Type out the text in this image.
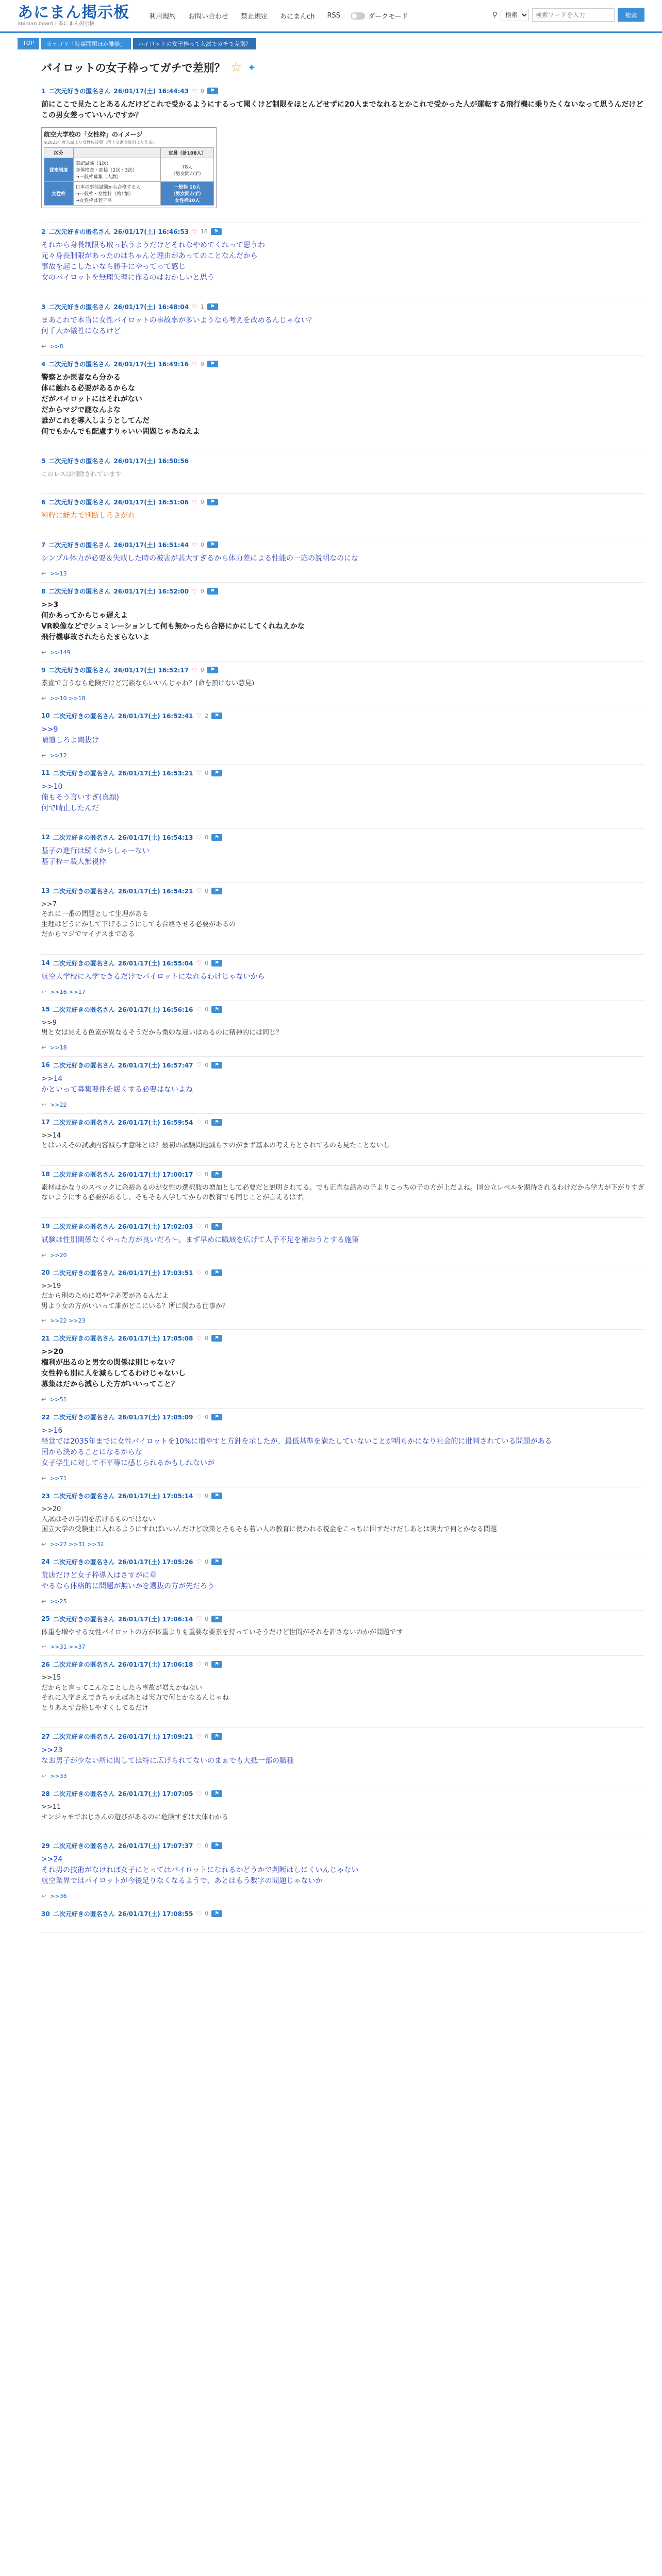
あにまん掲示板
animan board | あにまん掲示板
利用規約 お問い合わせ 禁止規定 あにまんch RSS	ダークモード	⚲
検索
検索ワードを入力	検索
TOP	カテゴリ「時事問題ほか雑談」	パイロットの女子枠って入試でガチで差別？
パイロットの女子枠ってガチで差別？ ☆ ✦
1 二次元好きの匿名さん 26/01/17(土) 16:44:43 ♡ 0	⚑
前にここで見たことあるんだけどこれで受かるようにするって聞くけど制限をほとんどせずに20人までなれるとかこれで受かった人が運転する飛行機に乗りたくないなって思うんだけどこの男女差っていいんですか？
航空大学校の「女性枠」のイメージ
※2023年度入試より女性枠設置（国土交通省資料より作成）
区分		定員（計108人）
従来制度	筆記試験（1次）
身体検査・面接（2次・3次）
→一般枠募集（人数）	78人
（男女問わず）
女性枠	日本の事前試験から合格する人
→一般枠・女性枠（約1割）
→女性枠は若干名	一般枠 10人
（男女問わず）
女性枠20人
2 二次元好きの匿名さん 26/01/17(土) 16:46:53 ♡ 18	⚑
それから身長制限も取っ払うようだけどそれなやめてくれって思うわ
元々身長制限があったのはちゃんと理由があってのことなんだから
事故を起こしたいなら勝手にやってって感じ
女のパイロットを無理矢理に作るのはおかしいと思う
3 二次元好きの匿名さん 26/01/17(土) 16:48:04 ♡ 1	⚑
まあこれで本当に女性パイロットの事故率が多いようなら考えを改めるんじゃない？
何千人か犠牲になるけど
↩ >>8
4 二次元好きの匿名さん 26/01/17(土) 16:49:16 ♡ 0	⚑
警察とか医者なら分かる
体に触れる必要があるからな
だがパイロットにはそれがない
だからマジで謎なんよな
誰がこれを導入しようとしてんだ
何でもかんでも配慮すりゃいい問題じゃあねえよ
5 二次元好きの匿名さん 26/01/17(土) 16:50:56
このレスは削除されています
6 二次元好きの匿名さん 26/01/17(土) 16:51:06 ♡ 0	⚑
純粋に能力で判断しろさがれ
7 二次元好きの匿名さん 26/01/17(土) 16:51:44 ♡ 0	⚑
シンプル体力が必要＆失敗した時の被害が甚大すぎるから体力差による性能の一応の説明なのにな
↩ >>13
8 二次元好きの匿名さん 26/01/17(土) 16:52:00 ♡ 0	⚑
>>3
何かあってからじゃ遅えよ
VR映像などでシュミレーションして何も無かったら合格にかにしてくれねえかな
飛行機事故されたらたまらないよ
↩ >>149
9 二次元好きの匿名さん 26/01/17(土) 16:52:17 ♡ 0	⚑
素直で言うなら危険だけど冗談ならいいんじゃね？(命を預けない意見)
↩ >>10 >>18
10 二次元好きの匿名さん 26/01/17(土) 16:52:41 ♡ 2	⚑
>>9
晴道しろよ間抜け
↩ >>12
11 二次元好きの匿名さん 26/01/17(土) 16:53:21 ♡ 0	⚑
>>10
俺もそう言いすぎ(真顔)
何で晴止したんだ
12 二次元好きの匿名さん 26/01/17(土) 16:54:13 ♡ 0	⚑
基子の進行は続くからしゃーない
基子枠＝殺人無視枠
13 二次元好きの匿名さん 26/01/17(土) 16:54:21 ♡ 0	⚑
>>7
それに一番の問題として生理がある
生理はどうにかして下げるようにしても合格させる必要があるの
だからマジでマイナスまである
14 二次元好きの匿名さん 26/01/17(土) 16:55:04 ♡ 0	⚑
航空大学校に入学できるだけでパイロットになれるわけじゃないから
↩ >>16 >>17
15 二次元好きの匿名さん 26/01/17(土) 16:56:16 ♡ 0	⚑
>>9
男と女は見える色素が異なるそうだから微妙な違いはあるのに精神的には同じ？
↩ >>18
16 二次元好きの匿名さん 26/01/17(土) 16:57:47 ♡ 0	⚑
>>14
かといって募集要件を緩くする必要はないよね
↩ >>22
17 二次元好きの匿名さん 26/01/17(土) 16:59:54 ♡ 0	⚑
>>14
とはいえその試験内容減らす意味とは？最初の試験問題減らすのがまず基本の考え方とされてるのも見たことないし
18 二次元好きの匿名さん 26/01/17(土) 17:00:17 ♡ 0	⚑
素材はかなりのスペックに余裕あるのが女性の選択肢の増加として必要だと説明されてる。でも正直な話あの子よりこっちの子の方が上だよね。国公立レベルを期待されるわけだから学力が下がりすぎないようにする必要があるし、そもそも入学してからの教育でも同じことが言えるはず。
19 二次元好きの匿名さん 26/01/17(土) 17:02:03 ♡ 0	⚑
試験は性別関係なくやった方が良いだろ～。まず早めに職域を広げて人手不足を補おうとする施策
↩ >>20
20 二次元好きの匿名さん 26/01/17(土) 17:03:51 ♡ 0	⚑
>>19
だから別のために増やす必要があるんだよ
男より女の方がいいって誰がどこにいる？所に関わる仕事か？
↩ >>22 >>23
21 二次元好きの匿名さん 26/01/17(土) 17:05:08 ♡ 0	⚑
>>20
権利が出るのと男女の関係は別じゃない？
女性枠も別に人を減らしてるわけじゃないし
募集はだから減らした方がいいってこと？
↩ >>51
22 二次元好きの匿名さん 26/01/17(土) 17:05:09 ♡ 0	⚑
>>16
経営では2035年までに女性パイロットを10%に増やすと方針を示したが、最低基準を満たしていないことが明らかになり社会的に批判されている問題がある
国から決めることになるからな
女子学生に対して不平等に感じられるかもしれないが
↩ >>71
23 二次元好きの匿名さん 26/01/17(土) 17:05:14 ♡ 0	⚑
>>20
入試はその手間を広げるものではない
国立大学の受験生に入れるようにすればいいんだけど政策とそもそも若い人の教育に使われる税金をこっちに回すだけだしあとは実力で何とかなる問題
↩ >>27 >>31 >>32
24 二次元好きの匿名さん 26/01/17(土) 17:05:26 ♡ 0	⚑
荒唐だけど女子枠導入はさすがに草
やるなら体格的に問題が無いかを選抜の方が先だろう
↩ >>25
25 二次元好きの匿名さん 26/01/17(土) 17:06:14 ♡ 0	⚑
体重を増やせる女性パイロットの方が体重よりも重要な要素を持っていそうだけど世間がそれを許さないのかが問題です
↩ >>31 >>37
26 二次元好きの匿名さん 26/01/17(土) 17:06:18 ♡ 0	⚑
>>15
だからと言ってこんなことしたら事故が増えかねない
それに入学さえできちゃえばあとは実力で何とかなるんじゃね
とりあえず合格しやすくしてるだけ
27 二次元好きの匿名さん 26/01/17(土) 17:09:21 ♡ 0	⚑
>>23
なお男子が少ない所に関しては特に広げられてないのまぁでも大抵一部の職種
↩ >>33
28 二次元好きの匿名さん 26/01/17(土) 17:07:05 ♡ 0	⚑
>>11
ナンジャモでおじさんの遊びがあるのに危険すぎは大体わかる
29 二次元好きの匿名さん 26/01/17(土) 17:07:37 ♡ 0	⚑
>>24
それ男の技術がなければ女子にとってはパイロットになれるかどうかで判断はしにくいんじゃない
航空業界ではパイロットが今後足りなくなるようで、あとはもう数字の問題じゃないか
↩ >>36
30 二次元好きの匿名さん 26/01/17(土) 17:08:55 ♡ 0	⚑
